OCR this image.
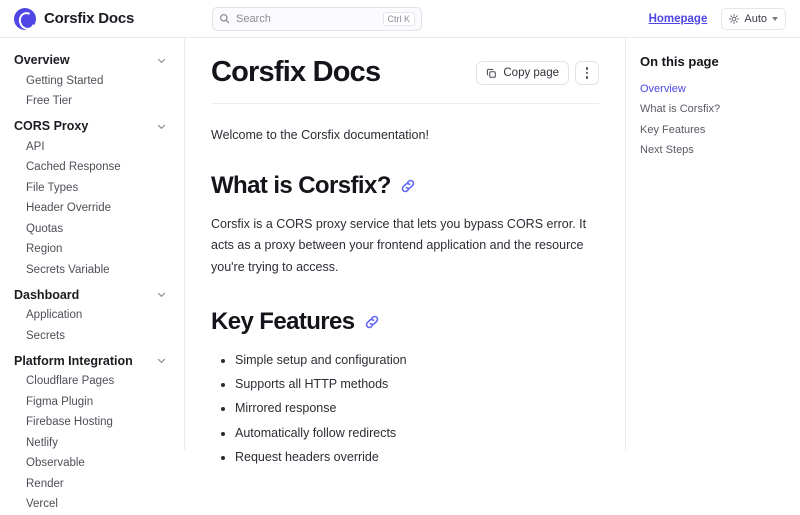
Corsfix Docs	Search	Ctrl K	Homepage	Auto
Overview
Getting Started
Free Tier
CORS Proxy
API
Cached Response
File Types
Header Override
Quotas
Region
Secrets Variable
Dashboard
Application
Secrets
Platform Integration
Cloudflare Pages
Figma Plugin
Firebase Hosting
Netlify
Observable
Render
Vercel
Corsfix Docs	Copy page

Welcome to the Corsfix documentation!

What is Corsfix?

Corsfix is a CORS proxy service that lets you bypass CORS error. It acts as a proxy between your frontend application and the resource you're trying to access.

Key Features
• Simple setup and configuration
• Supports all HTTP methods
• Mirrored response
• Automatically follow redirects
• Request headers override
On this page
Overview
What is Corsfix?
Key Features
Next Steps
